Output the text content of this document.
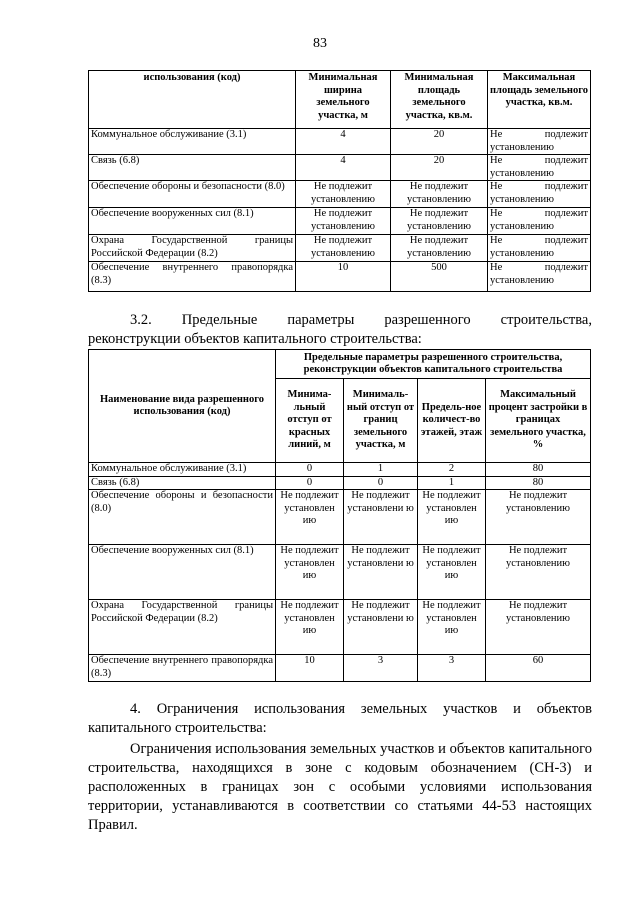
83
использования (код)	Минимальная ширина земельного участка, м	Минимальная площадь земельного участка, кв.м.	Максимальная площадь земельного участка, кв.м.
Коммунальное обслуживание (3.1)	4	20	Не подлежит установлению
Связь (6.8)	4	20	Не подлежит установлению
Обеспечение обороны и безопасности (8.0)	Не подлежит установлению	Не подлежит установлению	Не подлежит установлению
Обеспечение вооруженных сил (8.1)	Не подлежит установлению	Не подлежит установлению	Не подлежит установлению
Охрана Государственной границы Российской Федерации (8.2)	Не подлежит установлению	Не подлежит установлению	Не подлежит установлению
Обеспечение внутреннего правопорядка (8.3)	10	500	Не подлежит установлению
3.2. Предельные параметры разрешенного строительства,
реконструкции объектов капитального строительства:
Наименование вида разрешенного использования (код)	Предельные параметры разрешенного строительства, реконструкции объектов капитального строительства			
	Минима-льный отступ от красных линий, м	Минималь-ный отступ от границ земельного участка, м	Предель-ное количест-во этажей, этаж	Максимальный процент застройки в границах земельного участка, %
Коммунальное обслуживание (3.1)	0	1	2	80
Связь (6.8)	0	0	1	80

Обеспечение обороны и безопасности (8.0)	Не подлежит установлен ию	Не подлежит установлени ю	Не подлежит установлен ию	Не подлежит установлению

Обеспечение вооруженных сил (8.1)	Не подлежит установлен ию	Не подлежит установлени ю	Не подлежит установлен ию	Не подлежит установлению

Охрана Государственной границы Российской Федерации (8.2)	Не подлежит установлен ию	Не подлежит установлени ю	Не подлежит установлен ию	Не подлежит установлению

Обеспечение внутреннего правопорядка (8.3)	10	3	3	60
4. Ограничения использования земельных участков и объектов капитального строительства:
Ограничения использования земельных участков и объектов капитального строительства, находящихся в зоне с кодовым обозначением (СН-3) и расположенных в границах зон с особыми условиями использования территории, устанавливаются в соответствии со статьями 44-53 настоящих Правил.
